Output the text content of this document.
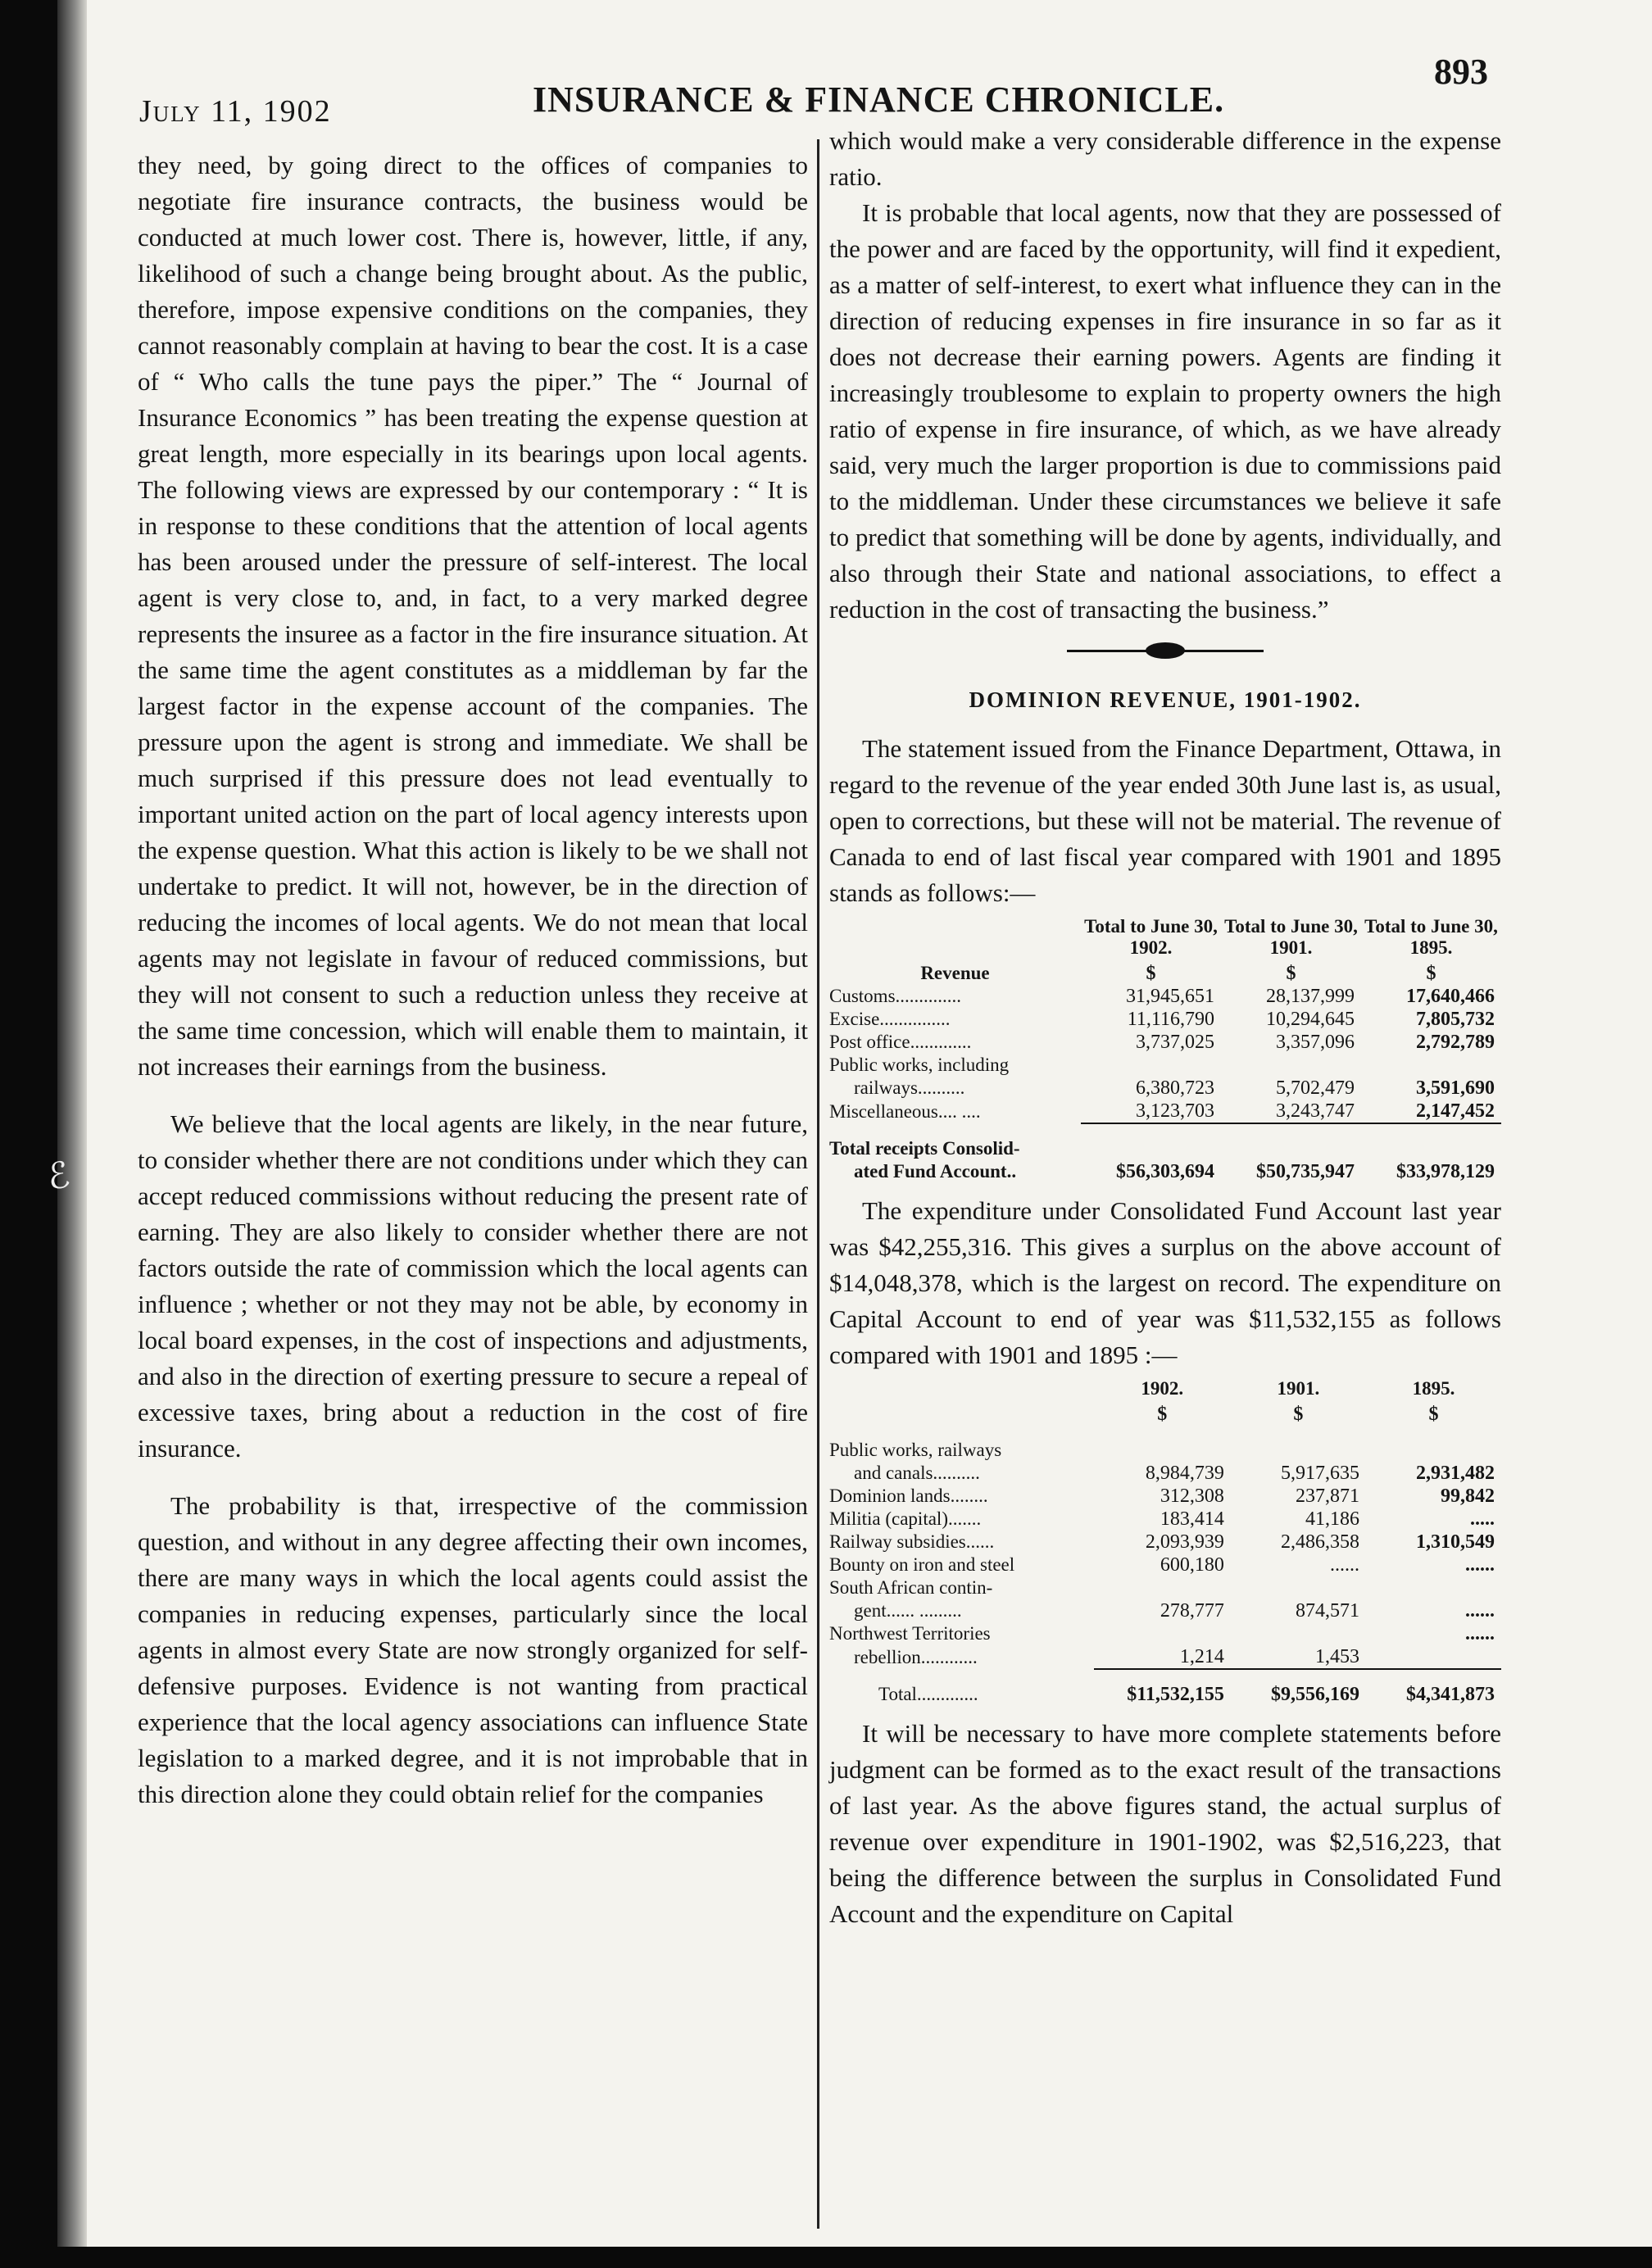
ℰ
July 11, 1902	INSURANCE & FINANCE CHRONICLE.
893

they need, by going direct to the offices of companies to negotiate fire insurance contracts, the business would be conducted at much lower cost. There is, however, little, if any, likelihood of such a change being brought about. As the public, therefore, impose expensive conditions on the companies, they cannot reasonably complain at having to bear the cost. It is a case of “ Who calls the tune pays the piper.” The “ Journal of Insurance Economics ” has been treating the expense question at great length, more especially in its bearings upon local agents. The following views are expressed by our contemporary : “ It is in response to these conditions that the attention of local agents has been aroused under the pressure of self-interest. The local agent is very close to, and, in fact, to a very marked degree represents the insuree as a factor in the fire insurance situation. At the same time the agent constitutes as a middleman by far the largest factor in the expense account of the companies. The pressure upon the agent is strong and immediate. We shall be much surprised if this pressure does not lead eventually to important united action on the part of local agency interests upon the expense question. What this action is likely to be we shall not undertake to predict. It will not, however, be in the direction of reducing the incomes of local agents. We do not mean that local agents may not legislate in favour of reduced commissions, but they will not consent to such a reduction unless they receive at the same time concession, which will enable them to maintain, it not increases their earnings from the business.

We believe that the local agents are likely, in the near future, to consider whether there are not conditions under which they can accept reduced commissions without reducing the present rate of earning. They are also likely to consider whether there are not factors outside the rate of commission which the local agents can influence ; whether or not they may not be able, by economy in local board expenses, in the cost of inspections and adjustments, and also in the direction of exerting pressure to secure a repeal of excessive taxes, bring about a reduction in the cost of fire insurance.

The probability is that, irrespective of the commission question, and without in any degree affecting their own incomes, there are many ways in which the local agents could assist the companies in reducing expenses, particularly since the local agents in almost every State are now strongly organized for self-defensive purposes. Evidence is not wanting from practical experience that the local agency associations can influence State legislation to a marked degree, and it is not improbable that in this direction alone they could obtain relief for the companies

which would make a very considerable difference in the expense ratio.

It is probable that local agents, now that they are possessed of the power and are faced by the opportunity, will find it expedient, as a matter of self-interest, to exert what influence they can in the direction of reducing expenses in fire insurance in so far as it does not decrease their earning powers. Agents are finding it increasingly troublesome to explain to property owners the high ratio of expense in fire insurance, of which, as we have already said, very much the larger proportion is due to commissions paid to the middleman. Under these circumstances we believe it safe to predict that something will be done by agents, individually, and also through their State and national associations, to effect a reduction in the cost of transacting the business.”

DOMINION REVENUE, 1901-1902.

The statement issued from the Finance Department, Ottawa, in regard to the revenue of the year ended 30th June last is, as usual, open to corrections, but these will not be material. The revenue of Canada to end of last fiscal year compared with 1901 and 1895 stands as follows:—

	Total to June 30, 1902.	Total to June 30, 1901.	Total to June 30, 1895.
Revenue	$	$	$
Customs..............	31,945,651	28,137,999	17,640,466
Excise...............	11,116,790	10,294,645	7,805,732
Post office.............	3,737,025	3,357,096	2,792,789
Public works, including			
railways..........	6,380,723	5,702,479	3,591,690
Miscellaneous.... ....	3,123,703	3,243,747	2,147,452

Total receipts Consolid-			
ated Fund Account..	$56,303,694	$50,735,947	$33,978,129

The expenditure under Consolidated Fund Account last year was $42,255,316. This gives a surplus on the above account of $14,048,378, which is the largest on record. The expenditure on Capital Account to end of year was $11,532,155 as follows compared with 1901 and 1895 :—

	1902.	1901.	1895.
	$	$	$

Public works, railways			
and canals..........	8,984,739	5,917,635	2,931,482
Dominion lands........	312,308	237,871	99,842
Militia (capital).......	183,414	41,186	.....
Railway subsidies......	2,093,939	2,486,358	1,310,549
Bounty on iron and steel	600,180	......	......
South African contin-			
gent...... .........	278,777	874,571	......
Northwest Territories			......
rebellion............	1,214	1,453	

Total.............	$11,532,155	$9,556,169	$4,341,873

It will be necessary to have more complete statements before judgment can be formed as to the exact result of the transactions of last year. As the above figures stand, the actual surplus of revenue over expenditure in 1901-1902, was $2,516,223, that being the difference between the surplus in Consolidated Fund Account and the expenditure on Capital
